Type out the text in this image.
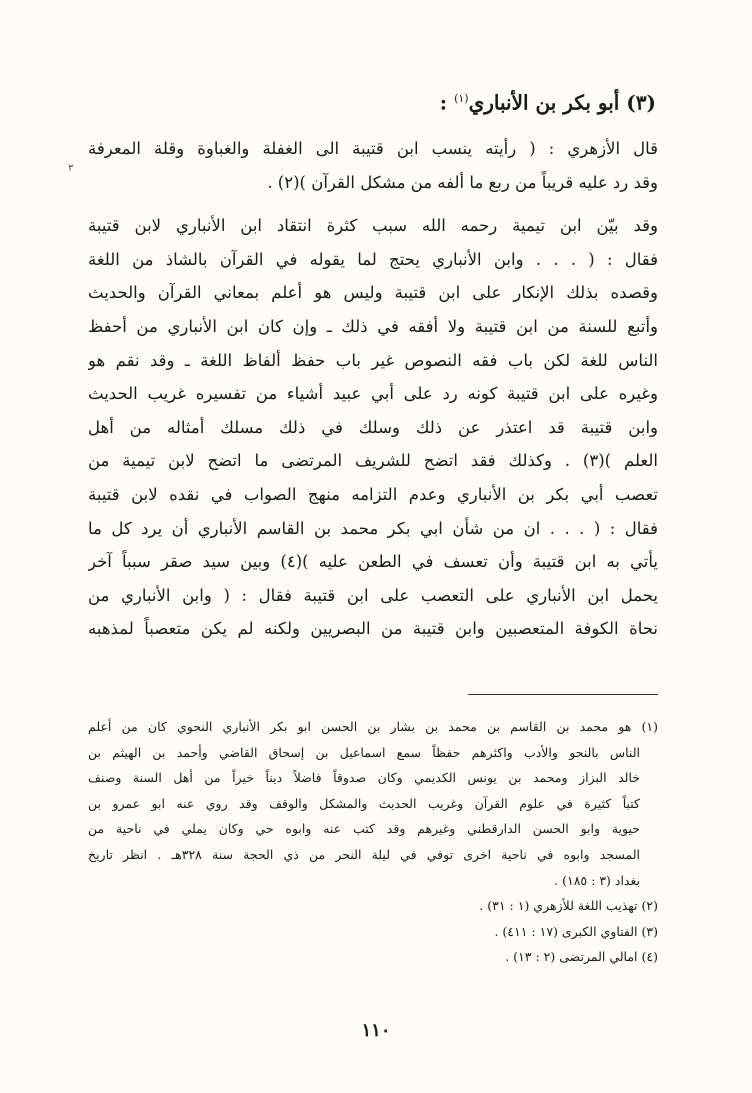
٣
(٣) أبو بكر بن الأنباري$^{(١)}$ :
قال الأزهري : ( رأيته ينسب ابن قتيبة الى الغفلة والغباوة وقلة المعرفة
وقد رد عليه قريباً من ربع ما ألفه من مشكل القرآن )(٢) .
وقد بيّن ابن تيمية رحمه الله سبب كثرة انتقاد ابن الأنباري لابن قتيبة
فقال : ( . . . وابن الأنباري يحتج لما يقوله في القرآن بالشاذ من اللغة
وقصده بذلك الإنكار على ابن قتيبة وليس هو أعلم بمعاني القرآن والحديث
وأتبع للسنة من ابن قتيبة ولا أفقه في ذلك ـ وإن كان ابن الأنباري من أحفظ
الناس للغة لكن باب فقه النصوص غير باب حفظ ألفاظ اللغة ـ وقد نقم هو
وغيره على ابن قتيبة كونه رد على أبي عبيد أشياء من تفسيره غريب الحديث
وابن قتيبة قد اعتذر عن ذلك وسلك في ذلك مسلك أمثاله من أهل
العلم )(٣) . وكذلك فقد اتضح للشريف المرتضى ما اتضح لابن تيمية من
تعصب أبي بكر بن الأنباري وعدم التزامه منهج الصواب في نقده لابن قتيبة
فقال : ( . . . ان من شأن ابي بكر محمد بن القاسم الأنباري أن يرد كل ما
يأتي به ابن قتيبة وأن تعسف في الطعن عليه )(٤) وبين سيد صقر سبباً آخر
يحمل ابن الأنباري على التعصب على ابن قتيبة فقال : ( وابن الأنباري من
نحاة الكوفة المتعصبين وابن قتيبة من البصريين ولكنه لم يكن متعصباً لمذهبه
(١) هو محمد بن القاسم بن محمد بن بشار بن الحسن ابو بكر الأنباري النحوي كان من أعلم
الناس بالنحو والأدب واكثرهم حفظاً سمع اسماعيل بن إسحاق القاضي وأحمد بن الهيثم بن
خالد البزاز ومحمد بن يونس الكديمي وكان صدوقاً فاضلاً ديناً خيراً من أهل السنة وصنف
كتباً كثيرة في علوم القرآن وغريب الحديث والمشكل والوقف وقد روي عنه ابو عمرو بن
حيوية وابو الحسن الدارقطني وغيرهم وقد كتب عنه وابوه حي وكان يملي في ناحية من
المسجد وابوه في ناحية اخرى توفي في ليلة النحر من ذي الحجة سنة ٣٢٨هـ . انظر تاريخ
بغداد (٣ : ١٨٥) .
(٢) تهذيب اللغة للأزهري (١ : ٣١) .
(٣) الفتاوي الكبرى (١٧ : ٤١١) .
(٤) امالي المرتضى (٢ : ١٣) .
١١٠
